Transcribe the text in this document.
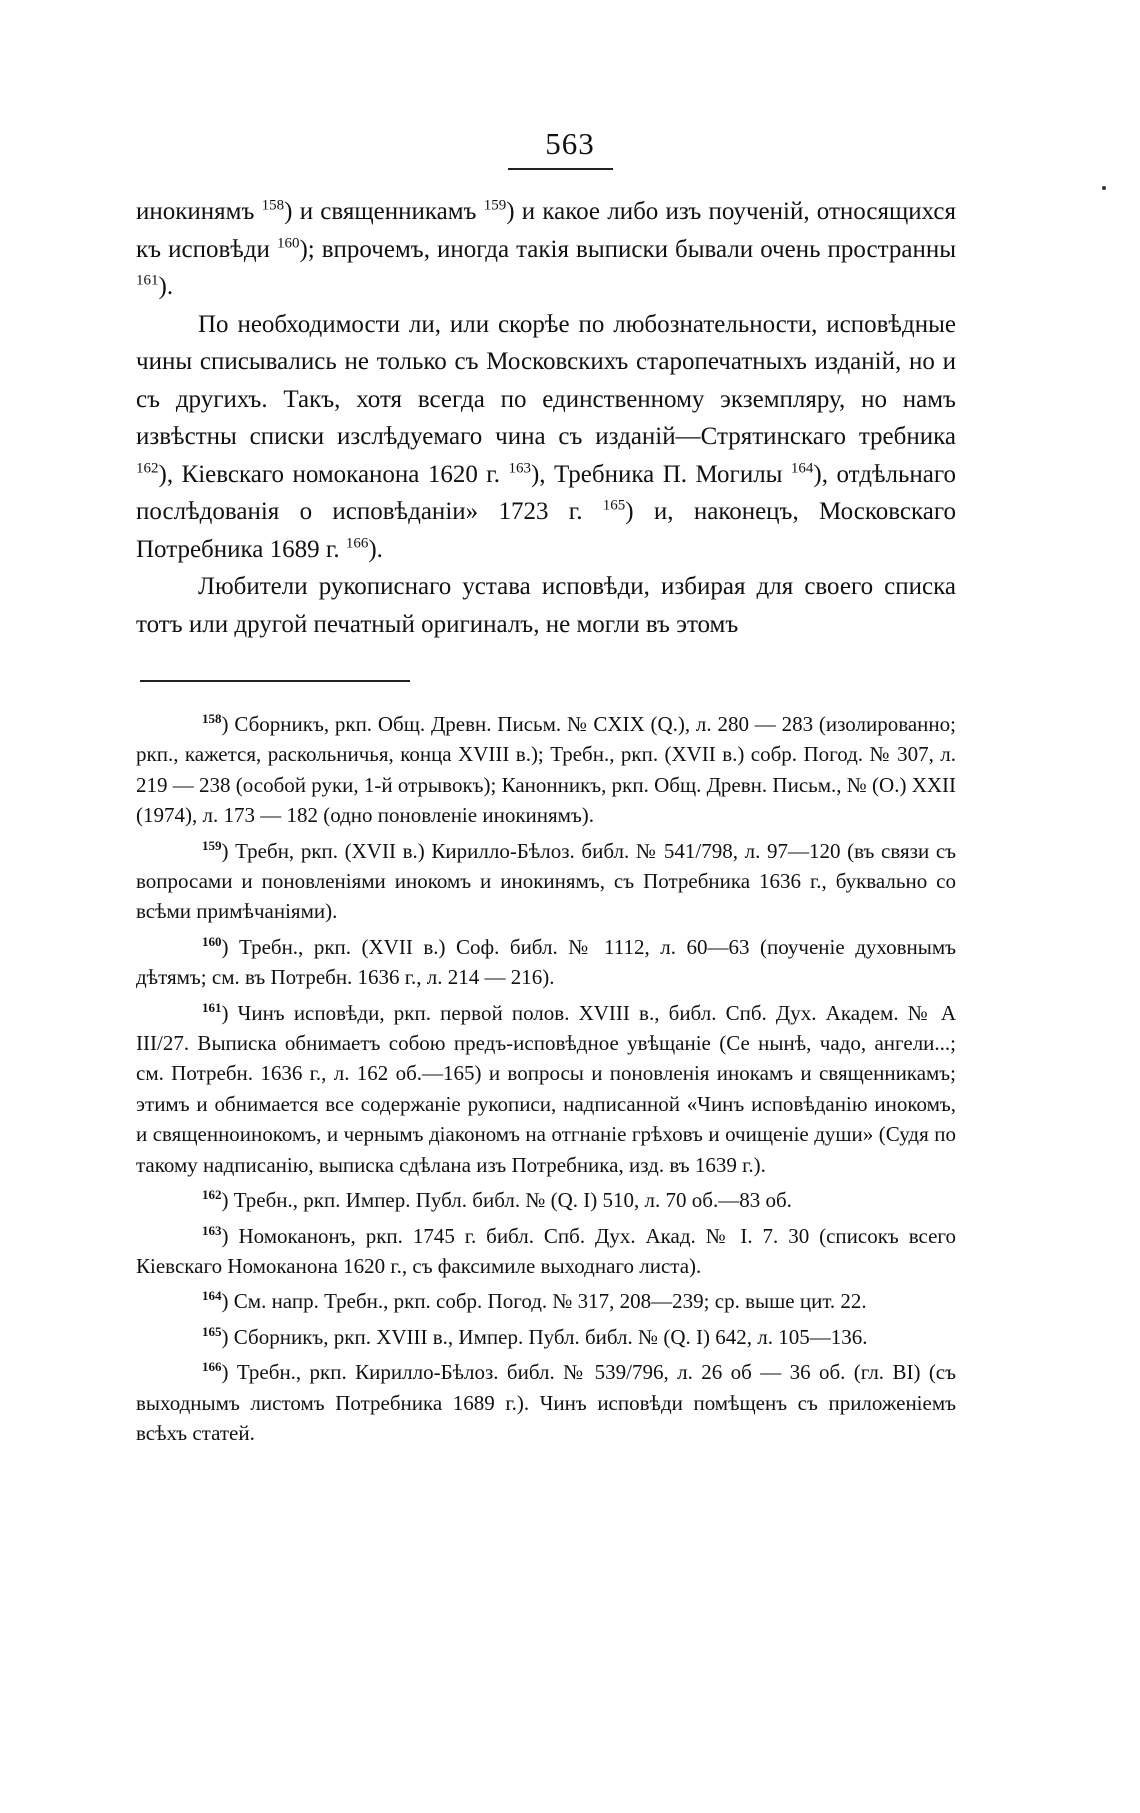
563

инокинямъ $^{158}$) и священникамъ $^{159}$) и какое либо изъ поученій, относящихся къ исповѣди $^{160}$); впрочемъ, иногда такія выписки бывали очень пространны $^{161}$).

По необходимости ли, или скорѣе по любознательности, исповѣдные чины списывались не только съ Московскихъ старопечатныхъ изданій, но и съ другихъ. Такъ, хотя всегда по единственному экземпляру, но намъ извѣстны списки изслѣдуемаго чина съ изданій—Стрятинскаго требника $^{162}$), Кіевскаго номоканона 1620 г. $^{163}$), Требника П. Могилы $^{164}$), отдѣльнаго послѣдованія о исповѣданіи» 1723 г. $^{165}$) и, наконецъ, Московскаго Потребника 1689 г. $^{166}$).

Любители рукописнаго устава исповѣди, избирая для своего списка тотъ или другой печатный оригиналъ, не могли въ этомъ

$^{158}$) Сборникъ, ркп. Общ. Древн. Письм. № CXIX (Q.), л. 280 — 283 (изолированно; ркп., кажется, раскольничья, конца XVIII в.); Требн., ркп. (XVII в.) собр. Погод. № 307, л. 219 — 238 (особой руки, 1-й отрывокъ); Канонникъ, ркп. Общ. Древн. Письм., № (О.) XXII (1974), л. 173 — 182 (одно поновленіе инокинямъ).

$^{159}$) Требн, ркп. (XVII в.) Кирилло-Бѣлоз. библ. № 541/798, л. 97—120 (въ связи съ вопросами и поновленіями инокомъ и инокинямъ, съ Потребника 1636 г., буквально со всѣми примѣчаніями).

$^{160}$) Требн., ркп. (XVII в.) Соф. библ. № 1112, л. 60—63 (поученіе духовнымъ дѣтямъ; см. въ Потребн. 1636 г., л. 214 — 216).

$^{161}$) Чинъ исповѣди, ркп. первой полов. XVIII в., библ. Спб. Дух. Академ. № А III/27. Выписка обнимаетъ собою предъ-исповѣдное увѣщаніе (Се нынѣ, чадо, ангели...; см. Потребн. 1636 г., л. 162 об.—165) и вопросы и поновленія инокамъ и священникамъ; этимъ и обнимается все содержаніе рукописи, надписанной «Чинъ исповѣданію инокомъ, и священноинокомъ, и чернымъ діакономъ на отгнаніе грѣховъ и очищеніе души» (Судя по такому надписанію, выписка сдѣлана изъ Потребника, изд. въ 1639 г.).

$^{162}$) Требн., ркп. Импер. Публ. библ. № (Q. I) 510, л. 70 об.—83 об.

$^{163}$) Номоканонъ, ркп. 1745 г. библ. Спб. Дух. Акад. № I. 7. 30 (списокъ всего Кіевскаго Номоканона 1620 г., съ факсимиле выходнаго листа).

$^{164}$) См. напр. Требн., ркп. собр. Погод. № 317, 208—239; ср. выше цит. 22.

$^{165}$) Сборникъ, ркп. XVIII в., Импер. Публ. библ. № (Q. I) 642, л. 105—136.

$^{166}$) Требн., ркп. Кирилло-Бѣлоз. библ. № 539/796, л. 26 об — 36 об. (гл. ВI) (съ выходнымъ листомъ Потребника 1689 г.). Чинъ исповѣди помѣщенъ съ приложеніемъ всѣхъ статей.
